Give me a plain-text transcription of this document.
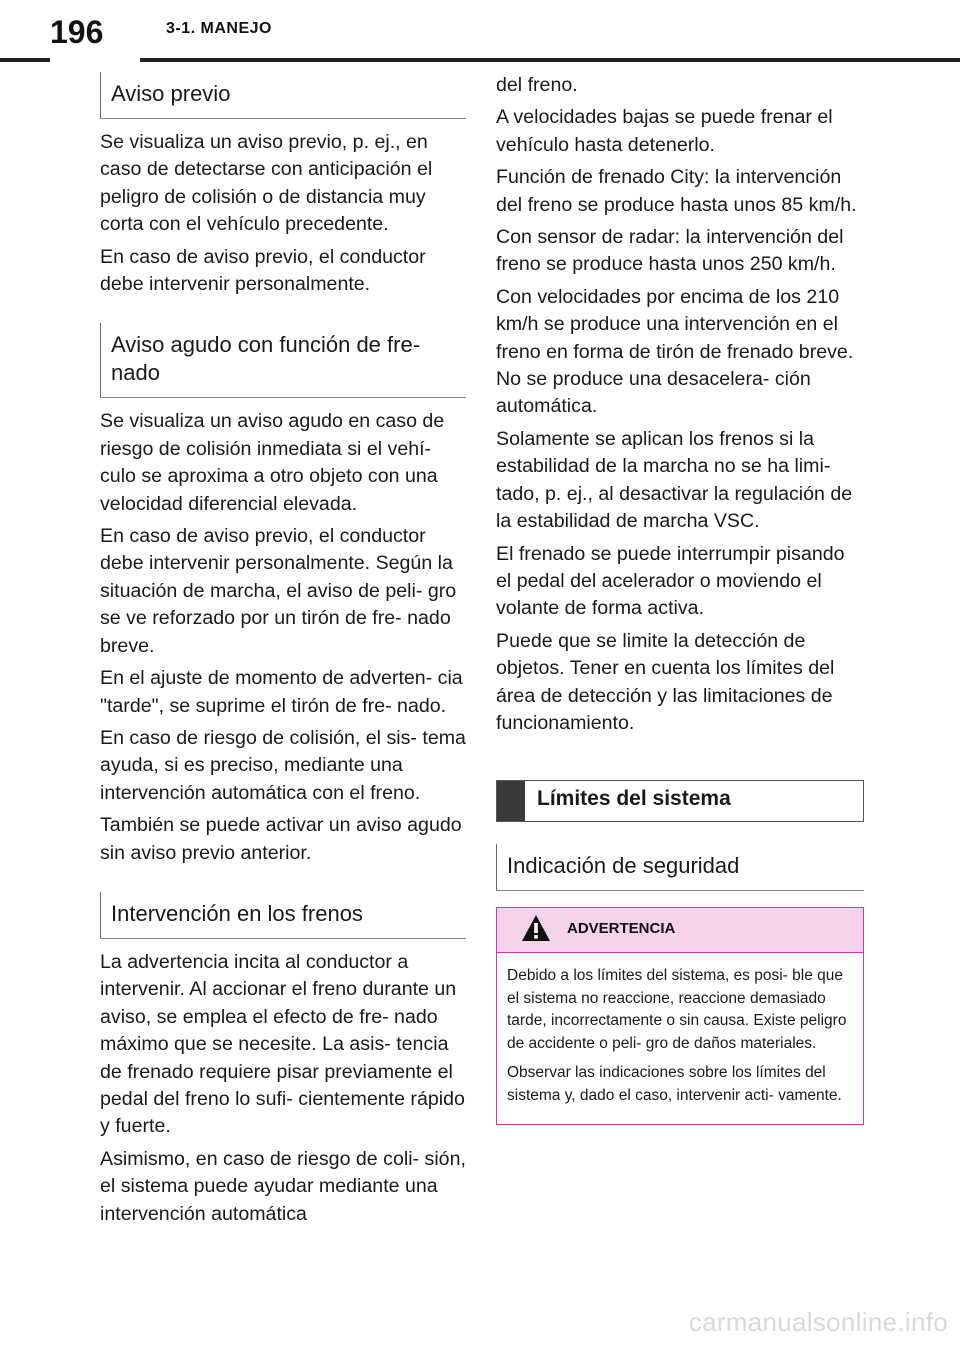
196	3-1. MANEJO
Aviso previo

Se visualiza un aviso previo, p. ej., en caso de detectarse con anticipación el peligro de colisión o de distancia muy corta con el vehículo precedente.

En caso de aviso previo, el conductor debe intervenir personalmente.

Aviso agudo con función de fre- nado

Se visualiza un aviso agudo en caso de riesgo de colisión inmediata si el vehí- culo se aproxima a otro objeto con una velocidad diferencial elevada.

En caso de aviso previo, el conductor debe intervenir personalmente. Según la situación de marcha, el aviso de peli- gro se ve reforzado por un tirón de fre- nado breve.

En el ajuste de momento de adverten- cia "tarde", se suprime el tirón de fre- nado.

En caso de riesgo de colisión, el sis- tema ayuda, si es preciso, mediante una intervención automática con el freno.

También se puede activar un aviso agudo sin aviso previo anterior.

Intervención en los frenos

La advertencia incita al conductor a intervenir. Al accionar el freno durante un aviso, se emplea el efecto de fre- nado máximo que se necesite. La asis- tencia de frenado requiere pisar previamente el pedal del freno lo sufi- cientemente rápido y fuerte.

Asimismo, en caso de riesgo de coli- sión, el sistema puede ayudar mediante una intervención automática

del freno.

A velocidades bajas se puede frenar el vehículo hasta detenerlo.

Función de frenado City: la intervención del freno se produce hasta unos 85 km/h.

Con sensor de radar: la intervención del freno se produce hasta unos 250 km/h.

Con velocidades por encima de los 210 km/h se produce una intervención en el freno en forma de tirón de frenado breve. No se produce una desacelera- ción automática.

Solamente se aplican los frenos si la estabilidad de la marcha no se ha limi- tado, p. ej., al desactivar la regulación de la estabilidad de marcha VSC.

El frenado se puede interrumpir pisando el pedal del acelerador o moviendo el volante de forma activa.

Puede que se limite la detección de objetos. Tener en cuenta los límites del área de detección y las limitaciones de funcionamiento.

Límites del sistema
Indicación de seguridad
ADVERTENCIA

Debido a los límites del sistema, es posi- ble que el sistema no reaccione, reaccione demasiado tarde, incorrectamente o sin causa. Existe peligro de accidente o peli- gro de daños materiales.

Observar las indicaciones sobre los límites del sistema y, dado el caso, intervenir acti- vamente.

carmanualsonline.info
